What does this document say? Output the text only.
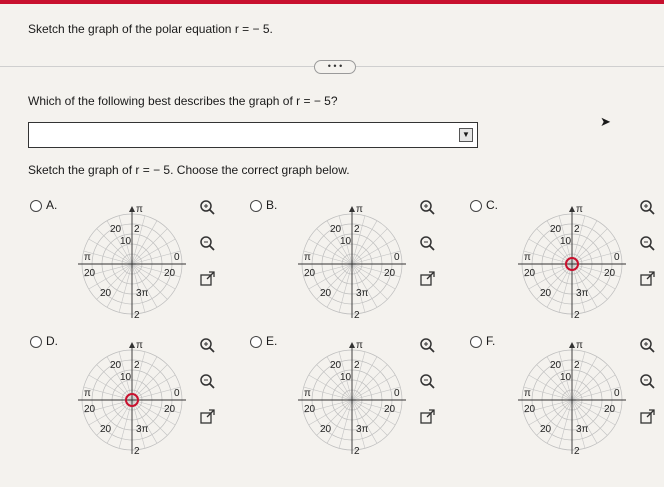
Sketch the graph of the polar equation r = − 5.
• • •
Which of the following best describes the graph of r = − 5?
▼
➤
Sketch the graph of r = − 5. Choose the correct graph below.
A.	π
20 2
10
π	0
20	20
20 3π
2
B.	π
20 2
10
π	0
20	20
20 3π
2
C.	π
20 2
10
π	0
20	20
20 3π
2
D.	π
20 2
10
π	0
20	20
20 3π
2
E.	π
20 2
10
π	0
20	20
20 3π
2
F.	π
20 2
10
π	0
20	20
20 3π
2
